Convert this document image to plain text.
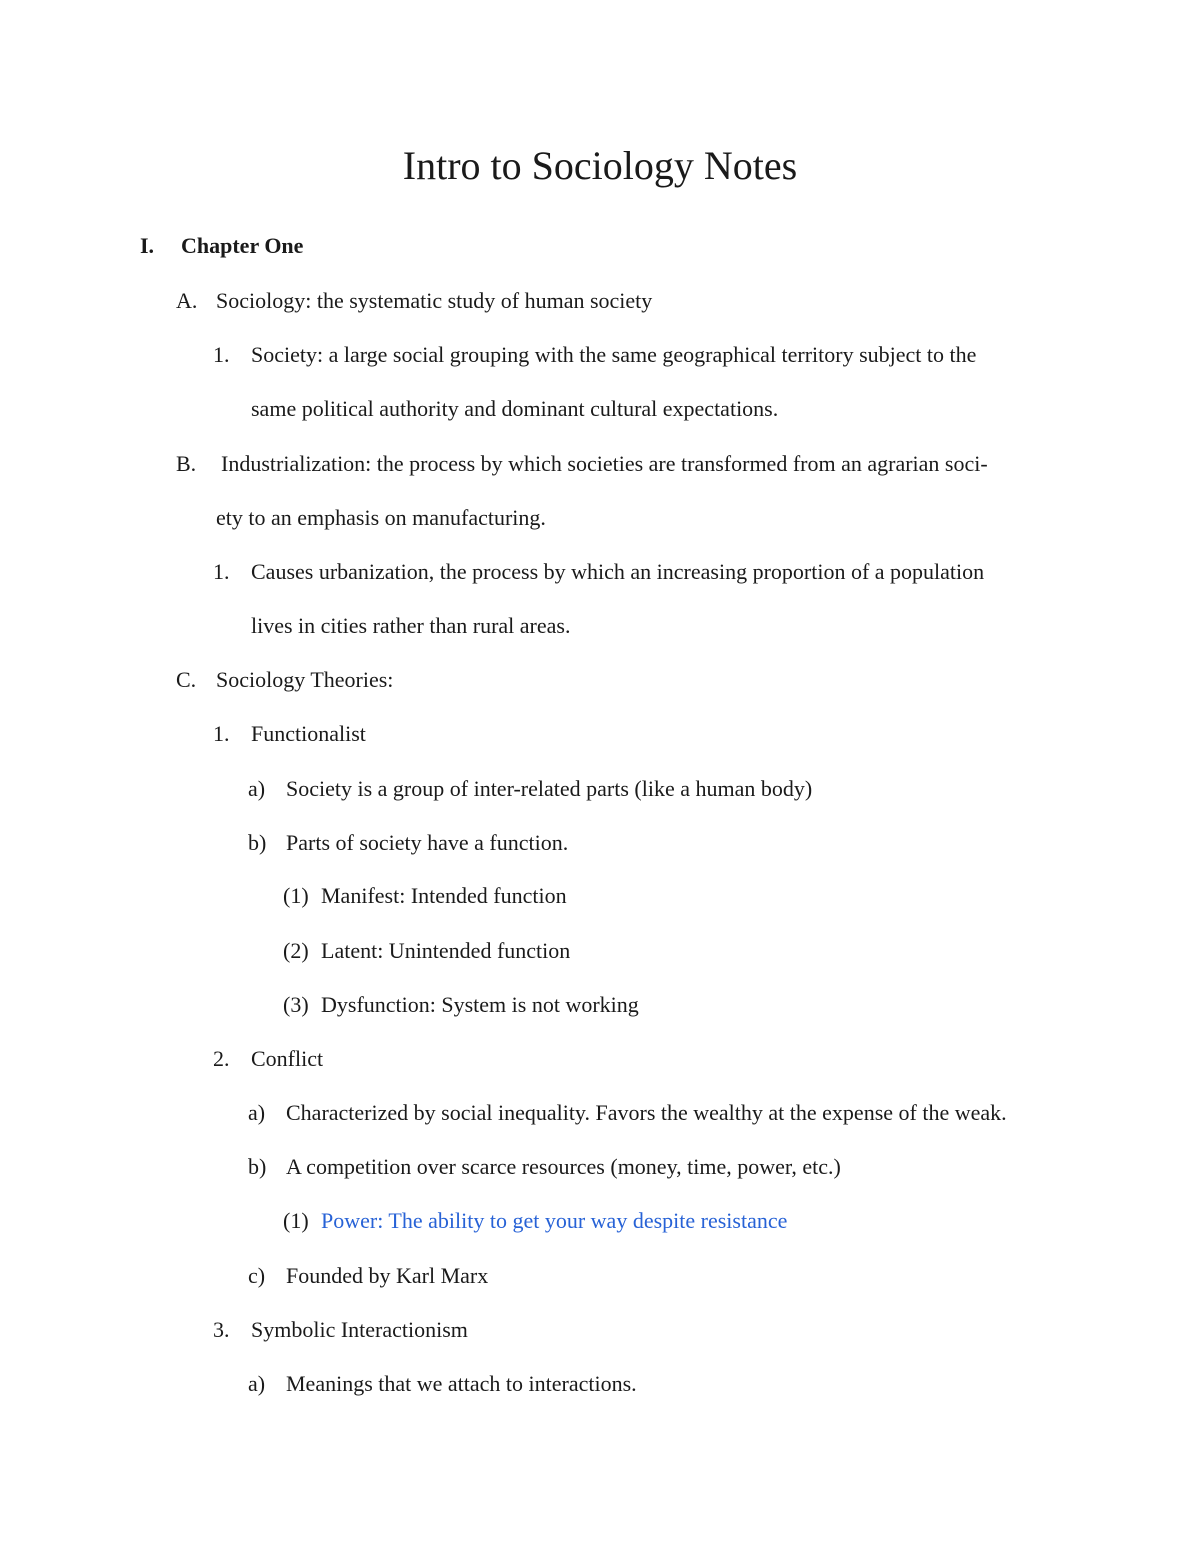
Intro to Sociology Notes
I. Chapter One
A. Sociology: the systematic study of human society
1. Society: a large social grouping with the same geographical territory subject to the
same political authority and dominant cultural expectations.
B. Industrialization: the process by which societies are transformed from an agrarian soci-
ety to an emphasis on manufacturing.
1. Causes urbanization, the process by which an increasing proportion of a population
lives in cities rather than rural areas.
C. Sociology Theories:
1. Functionalist
a) Society is a group of inter-related parts (like a human body)
b) Parts of society have a function.
(1) Manifest: Intended function
(2) Latent: Unintended function
(3) Dysfunction: System is not working
2. Conflict
a) Characterized by social inequality. Favors the wealthy at the expense of the weak.
b) A competition over scarce resources (money, time, power, etc.)
(1) Power: The ability to get your way despite resistance
c) Founded by Karl Marx
3. Symbolic Interactionism
a) Meanings that we attach to interactions.
